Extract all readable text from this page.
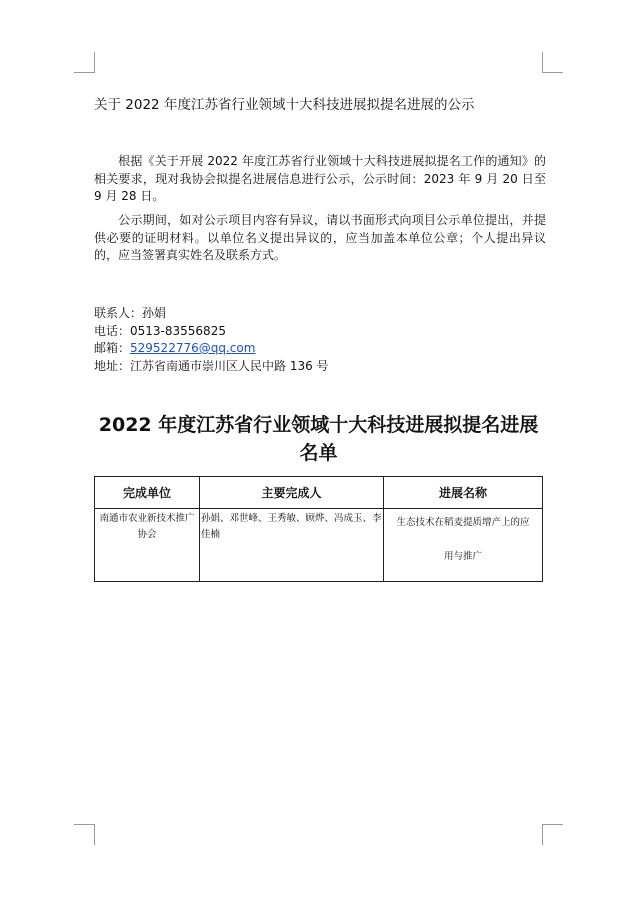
关于 2022 年度江苏省行业领域十大科技进展拟提名进展的公示

根据《关于开展 2022 年度江苏省行业领域十大科技进展拟提名工作的通知》的相关要求，现对我协会拟提名进展信息进行公示，公示时间：2023 年 9 月 20 日至 9 月 28 日。

公示期间，如对公示项目内容有异议，请以书面形式向项目公示单位提出，并提供必要的证明材料。以单位名义提出异议的，应当加盖本单位公章；个人提出异议的，应当签署真实姓名及联系方式。

联系人：孙娟
电话：0513-83556825
邮箱：529522776@qq.com
地址：江苏省南通市崇川区人民中路 136 号
2022 年度江苏省行业领域十大科技进展拟提名进展名单
完成单位	主要完成人	进展名称
南通市农业新技术推广协会	孙娟、邓世峰、王秀敏、顾烨、冯成玉、李佳楠	生态技术在稻麦提质增产上的应
用与推广
